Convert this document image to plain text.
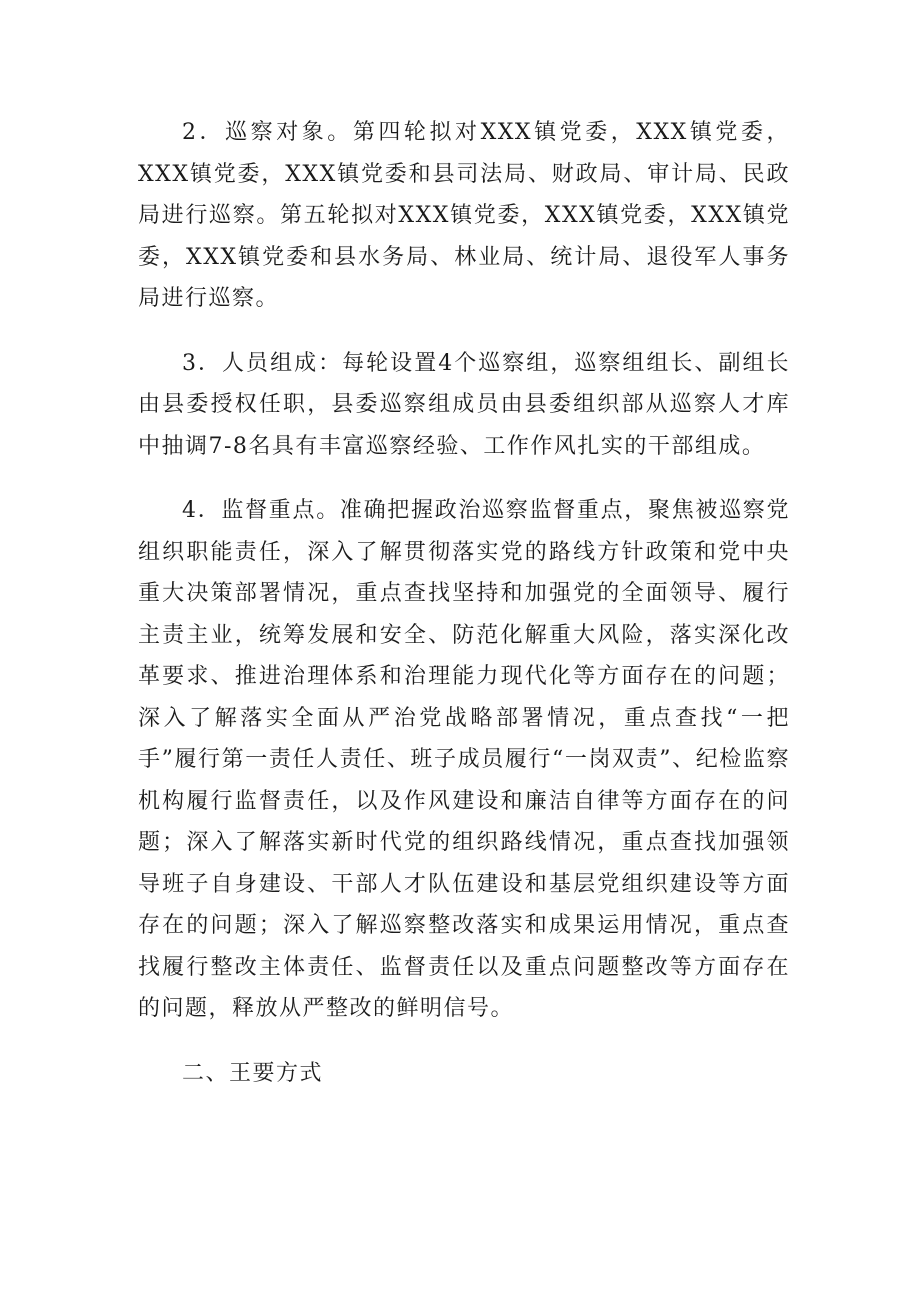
2．巡察对象。第四轮拟对XXX镇党委，XXX镇党委，XXX镇党委，XXX镇党委和县司法局、财政局、审计局、民政局进行巡察。第五轮拟对XXX镇党委，XXX镇党委，XXX镇党委，XXX镇党委和县水务局、林业局、统计局、退役军人事务局进行巡察。

3．人员组成：每轮设置4个巡察组，巡察组组长、副组长由县委授权任职，县委巡察组成员由县委组织部从巡察人才库中抽调7-8名具有丰富巡察经验、工作作风扎实的干部组成。

4．监督重点。准确把握政治巡察监督重点，聚焦被巡察党组织职能责任，深入了解贯彻落实党的路线方针政策和党中央重大决策部署情况，重点查找坚持和加强党的全面领导、履行主责主业，统筹发展和安全、防范化解重大风险，落实深化改革要求、推进治理体系和治理能力现代化等方面存在的问题；深入了解落实全面从严治党战略部署情况，重点查找“一把手”履行第一责任人责任、班子成员履行“一岗双责”、纪检监察机构履行监督责任，以及作风建设和廉洁自律等方面存在的问题；深入了解落实新时代党的组织路线情况，重点查找加强领导班子自身建设、干部人才队伍建设和基层党组织建设等方面存在的问题；深入了解巡察整改落实和成果运用情况，重点查找履行整改主体责任、监督责任以及重点问题整改等方面存在的问题，释放从严整改的鲜明信号。

二、王要方式
